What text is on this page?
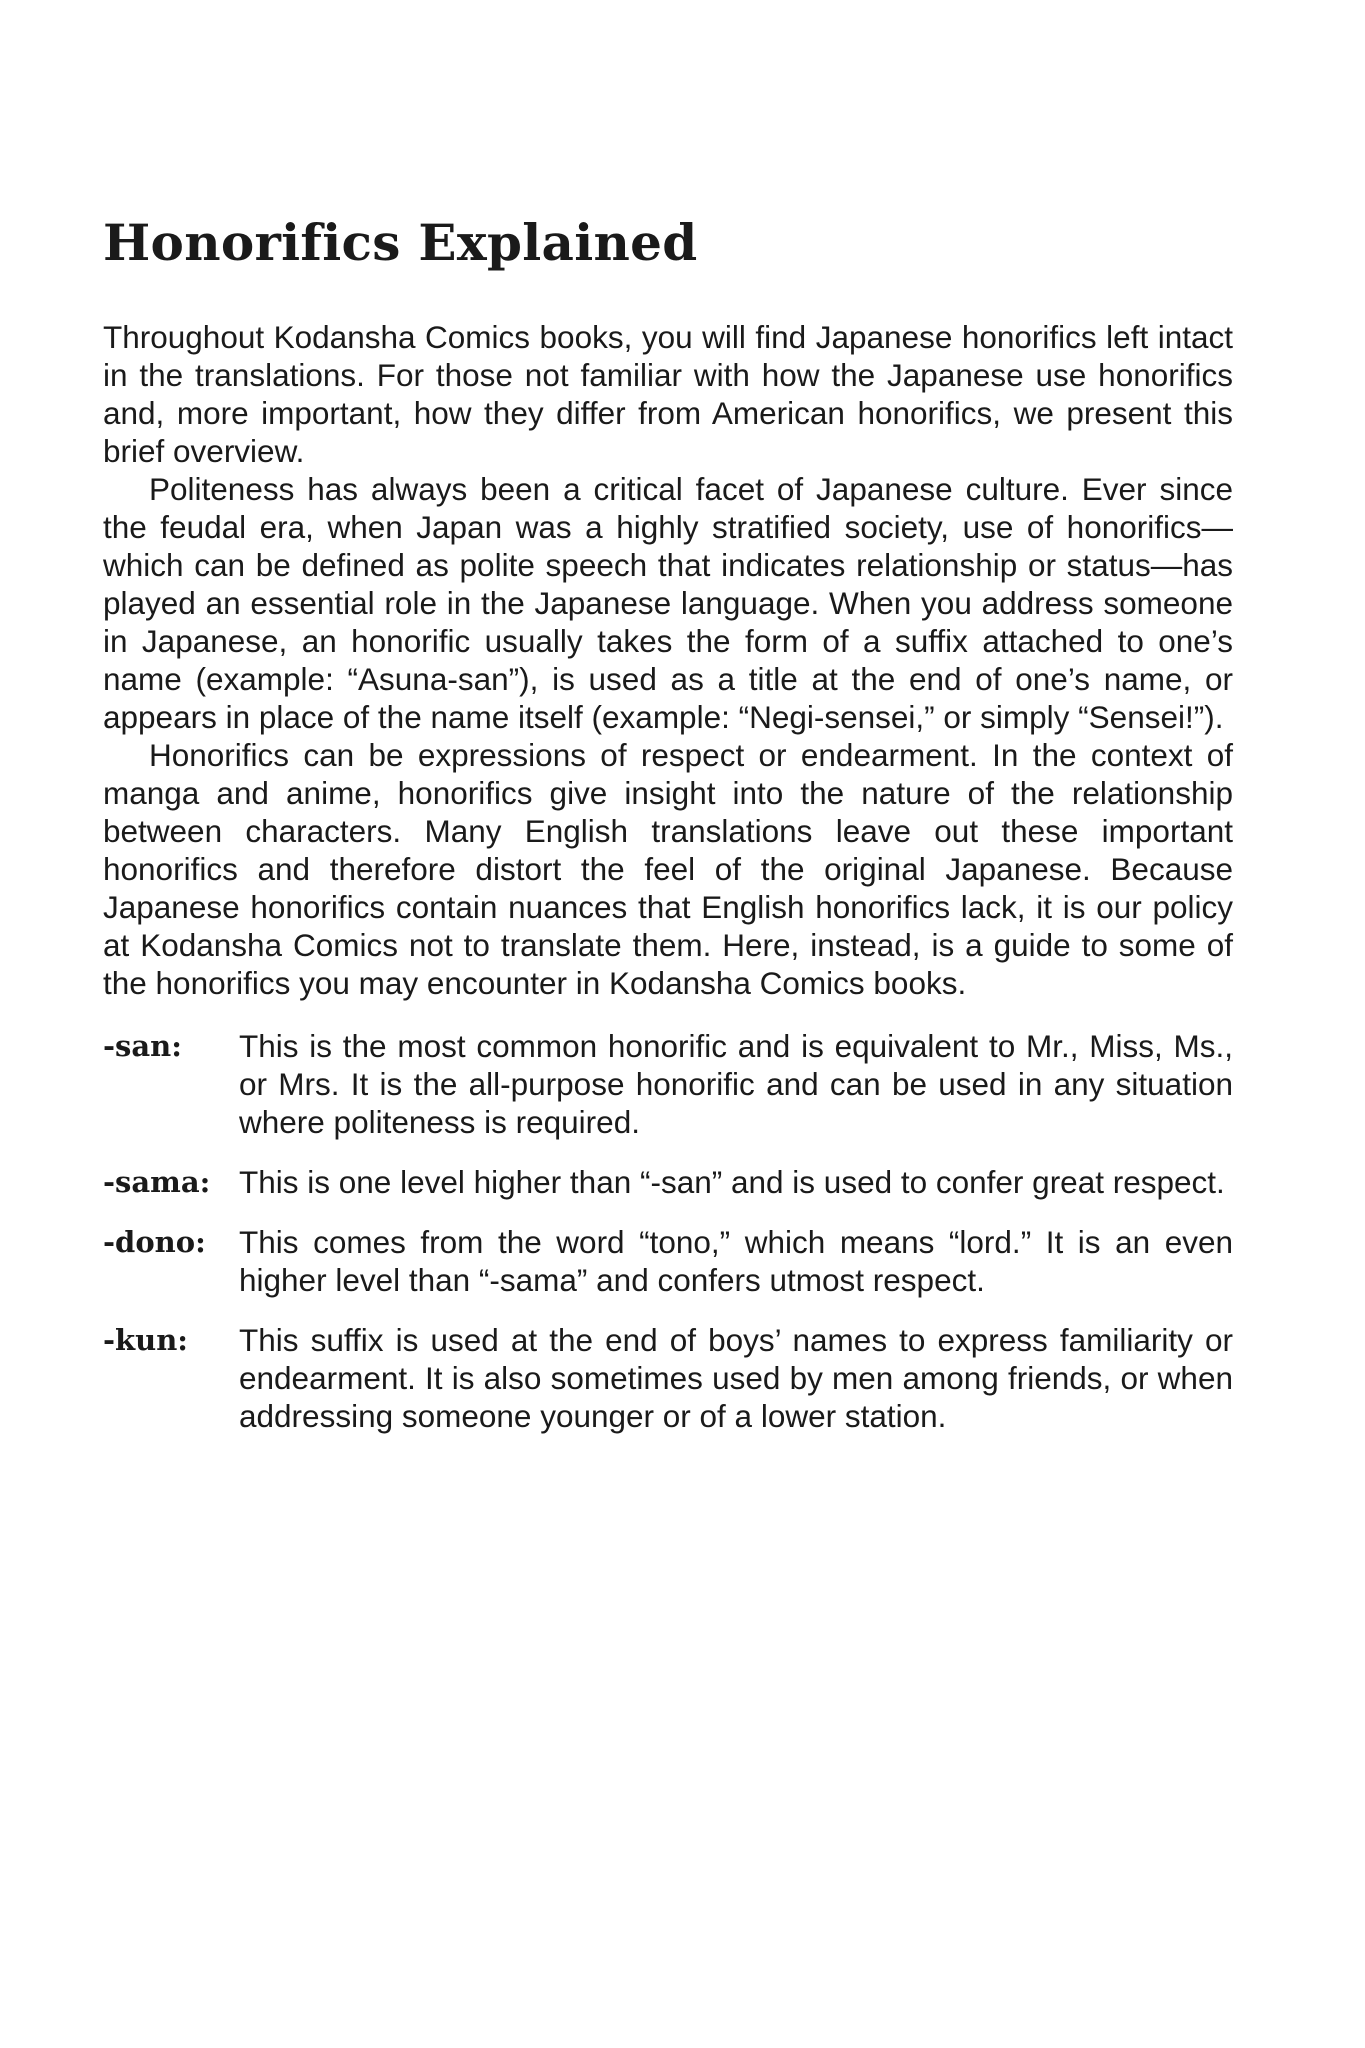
Honorifics Explained

Throughout Kodansha Comics books, you will find Japanese honorifics left intact in the translations. For those not familiar with how the Japanese use honorifics and, more important, how they differ from American honorifics, we present this brief overview.

Politeness has always been a critical facet of Japanese culture. Ever since the feudal era, when Japan was a highly stratified society, use of honorifics—which can be defined as polite speech that indicates relationship or status—has played an essential role in the Japanese language. When you address someone in Japanese, an honorific usually takes the form of a suffix attached to one’s name (example: “Asuna-san”), is used as a title at the end of one’s name, or appears in place of the name itself (example: “Negi-sensei,” or simply “Sensei!”).

Honorifics can be expressions of respect or endearment. In the context of manga and anime, honorifics give insight into the nature of the relationship between characters. Many English translations leave out these important honorifics and therefore distort the feel of the original Japanese. Because Japanese honorifics contain nuances that English honorifics lack, it is our policy at Kodansha Comics not to translate them. Here, instead, is a guide to some of the honorifics you may encounter in Kodansha Comics books.

-san:	This is the most common honorific and is equivalent to Mr., Miss, Ms., or Mrs. It is the all-purpose honorific and can be used in any situation where politeness is required.
-sama: This is one level higher than “-san” and is used to confer great respect.
-dono:	This comes from the word “tono,” which means “lord.” It is an even higher level than “-sama” and confers utmost respect.
-kun:	This suffix is used at the end of boys’ names to express familiarity or endearment. It is also sometimes used by men among friends, or when addressing someone younger or of a lower station.
